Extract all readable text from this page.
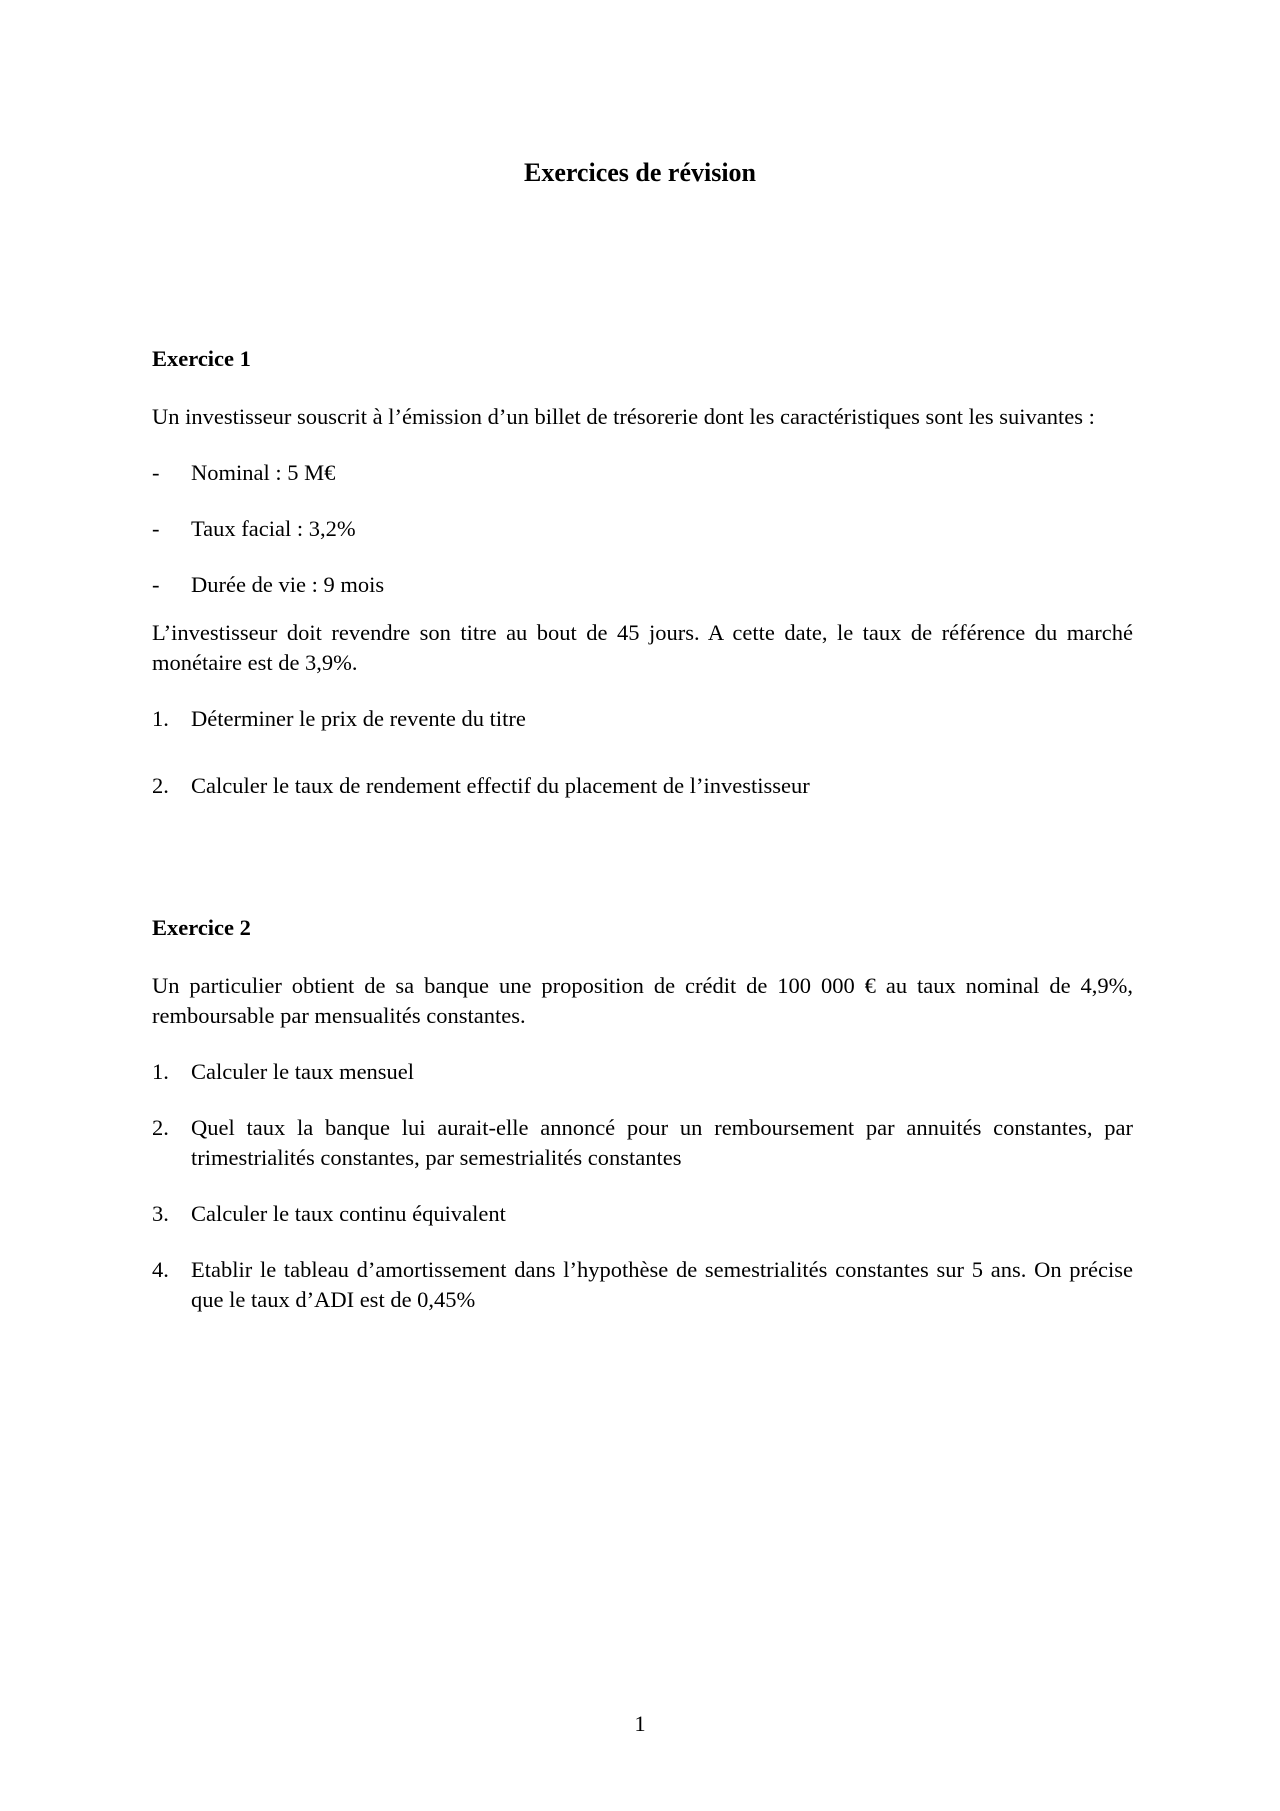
Exercices de révision
Exercice 1

Un investisseur souscrit à l’émission d’un billet de trésorerie dont les caractéristiques sont les suivantes :

-	Nominal : 5 M€
-	Taux facial : 3,2%
-	Durée de vie : 9 mois

L’investisseur doit revendre son titre au bout de 45 jours. A cette date, le taux de référence du marché monétaire est de 3,9%.

1. Déterminer le prix de revente du titre
2. Calculer le taux de rendement effectif du placement de l’investisseur
Exercice 2

Un particulier obtient de sa banque une proposition de crédit de 100 000 € au taux nominal de 4,9%, remboursable par mensualités constantes.

1. Calculer le taux mensuel
2. Quel taux la banque lui aurait-elle annoncé pour un remboursement par annuités constantes, par trimestrialités constantes, par semestrialités constantes
3. Calculer le taux continu équivalent
4. Etablir le tableau d’amortissement dans l’hypothèse de semestrialités constantes sur 5 ans. On précise que le taux d’ADI est de 0,45%

1
